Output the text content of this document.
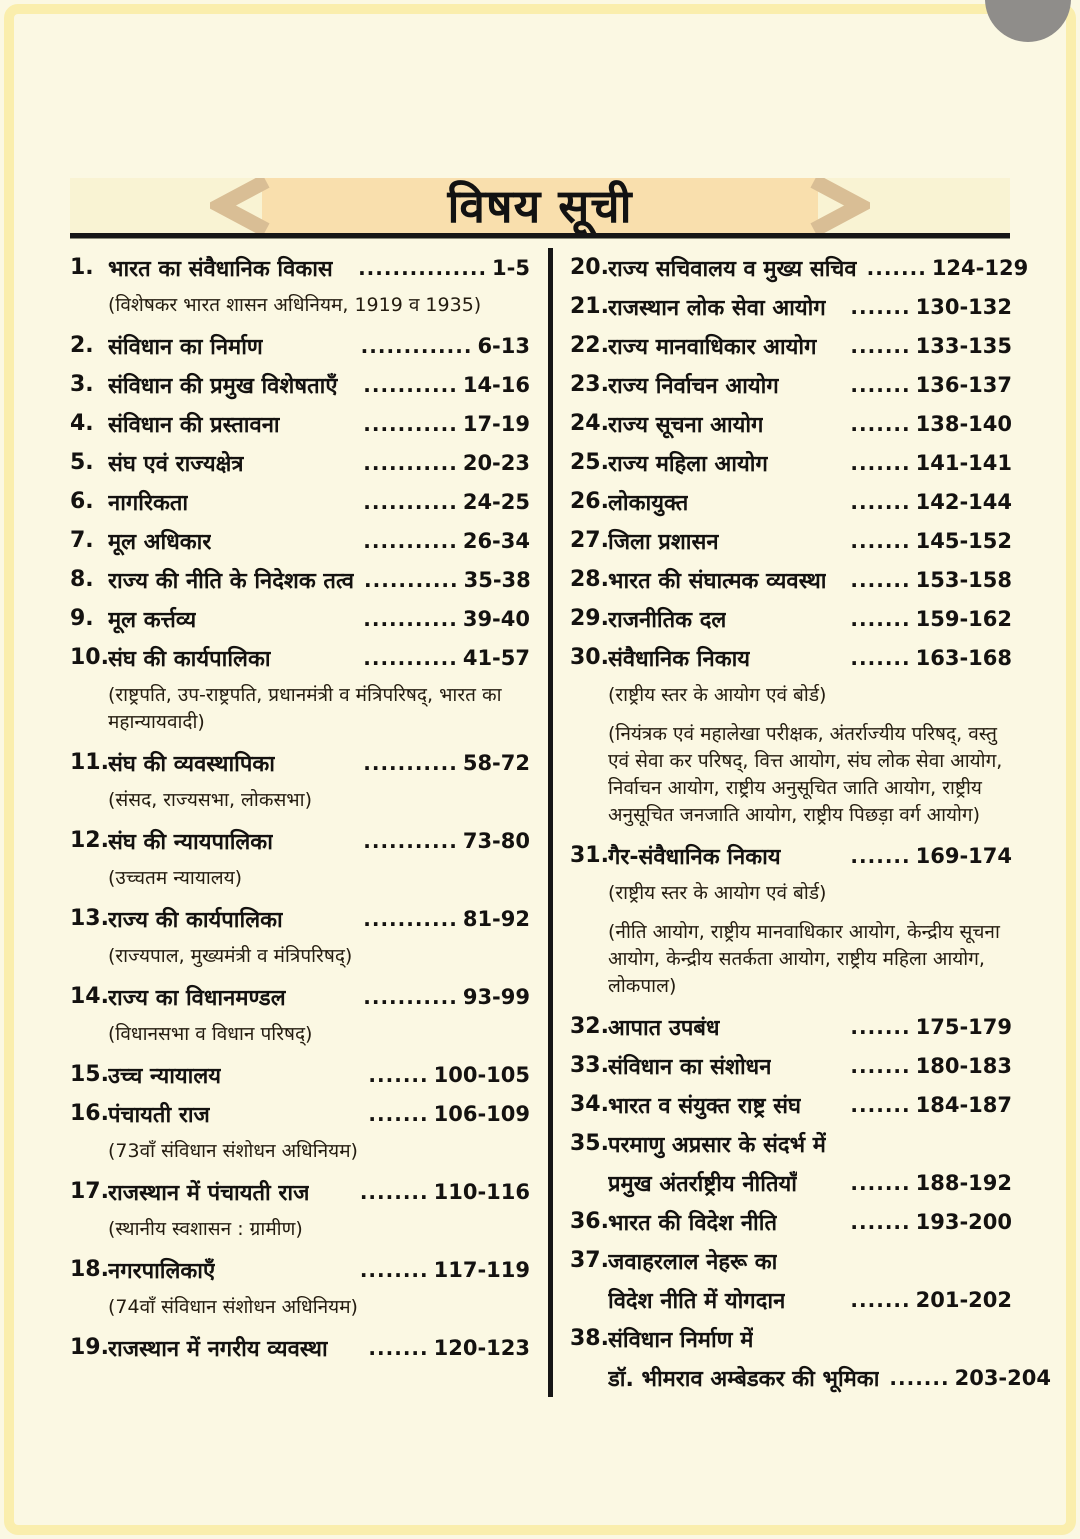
विषय सूची
1. भारत का संवैधानिक विकास ............... 1-5
(विशेषकर भारत शासन अधिनियम, 1919 व 1935)
2. संविधान का निर्माण	............. 6-13
3. संविधान की प्रमुख विशेषताएँ ........... 14-16
4. संविधान की प्रस्तावना	........... 17-19
5. संघ एवं राज्यक्षेत्र	........... 20-23
6. नागरिकता	........... 24-25
7. मूल अधिकार	........... 26-34
8. राज्य की नीति के निदेशक तत्व ........... 35-38
9. मूल कर्त्तव्य	........... 39-40
10. संघ की कार्यपालिका	........... 41-57
(राष्ट्रपति, उप-राष्ट्रपति, प्रधानमंत्री व मंत्रिपरिषद्, भारत का महान्यायवादी)
11. संघ की व्यवस्थापिका	........... 58-72
(संसद, राज्यसभा, लोकसभा)
12. संघ की न्यायपालिका	........... 73-80
(उच्चतम न्यायालय)
13. राज्य की कार्यपालिका	........... 81-92
(राज्यपाल, मुख्यमंत्री व मंत्रिपरिषद्)
14. राज्य का विधानमण्डल	........... 93-99
(विधानसभा व विधान परिषद्)
15. उच्च न्यायालय	....... 100-105
16. पंचायती राज	....... 106-109
(73वाँ संविधान संशोधन अधिनियम)
17. राजस्थान में पंचायती राज	........ 110-116
(स्थानीय स्वशासन : ग्रामीण)
18. नगरपालिकाएँ	........ 117-119
(74वाँ संविधान संशोधन अधिनियम)
19. राजस्थान में नगरीय व्यवस्था ....... 120-123
20. राज्य सचिवालय व मुख्य सचिव ....... 124-129
21. राजस्थान लोक सेवा आयोग ....... 130-132
22. राज्य मानवाधिकार आयोग ....... 133-135
23. राज्य निर्वाचन आयोग	....... 136-137
24. राज्य सूचना आयोग	....... 138-140
25. राज्य महिला आयोग	....... 141-141
26. लोकायुक्त	....... 142-144
27. जिला प्रशासन	....... 145-152
28. भारत की संघात्मक व्यवस्था ....... 153-158
29. राजनीतिक दल	....... 159-162
30. संवैधानिक निकाय	....... 163-168
(राष्ट्रीय स्तर के आयोग एवं बोर्ड)
(नियंत्रक एवं महालेखा परीक्षक, अंतर्राज्यीय परिषद्, वस्तु एवं सेवा कर परिषद्, वित्त आयोग, संघ लोक सेवा आयोग, निर्वाचन आयोग, राष्ट्रीय अनुसूचित जाति आयोग, राष्ट्रीय अनुसूचित जनजाति आयोग, राष्ट्रीय पिछड़ा वर्ग आयोग)
31. गैर-संवैधानिक निकाय	....... 169-174
(राष्ट्रीय स्तर के आयोग एवं बोर्ड)
(नीति आयोग, राष्ट्रीय मानवाधिकार आयोग, केन्द्रीय सूचना आयोग, केन्द्रीय सतर्कता आयोग, राष्ट्रीय महिला आयोग, लोकपाल)
32. आपात उपबंध	....... 175-179
33. संविधान का संशोधन	....... 180-183
34. भारत व संयुक्त राष्ट्र संघ ....... 184-187
35. परमाणु अप्रसार के संदर्भ में
प्रमुख अंतर्राष्ट्रीय नीतियाँ	....... 188-192
36. भारत की विदेश नीति	....... 193-200
37. जवाहरलाल नेहरू का
विदेश नीति में योगदान	....... 201-202
38. संविधान निर्माण में
डॉ. भीमराव अम्बेडकर की भूमिका ....... 203-204
